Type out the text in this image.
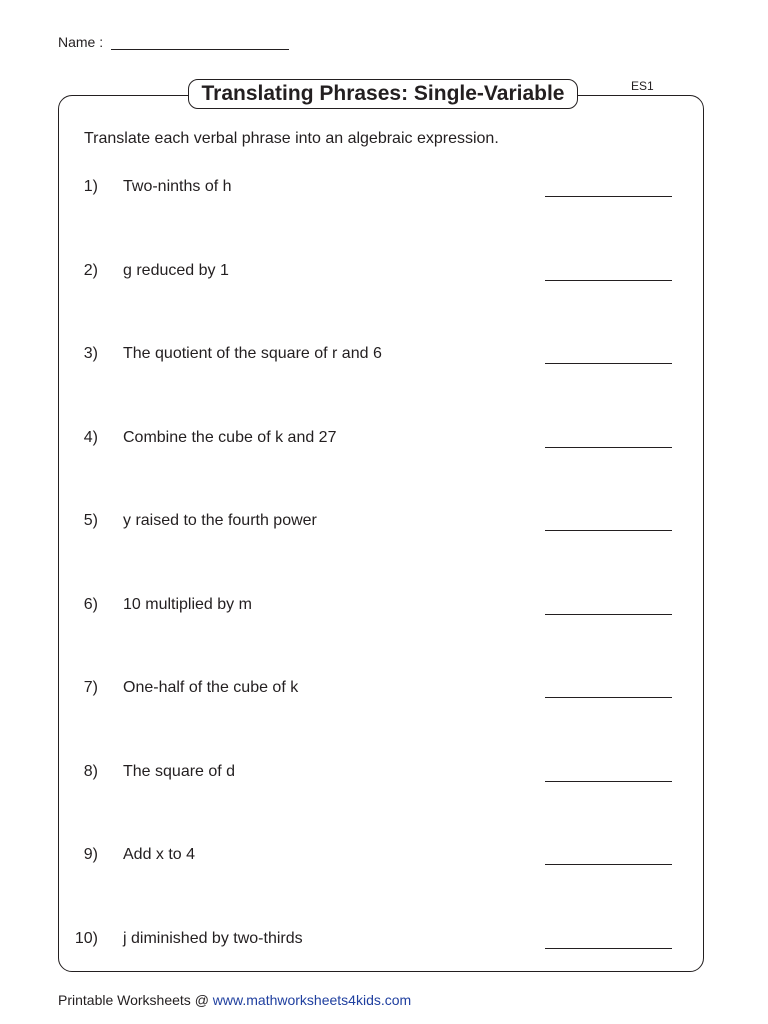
Name :
ES1
Translating Phrases: Single-Variable
Translate each verbal phrase into an algebraic expression.
1) Two-ninths of h
2) g reduced by 1
3) The quotient of the square of r and 6
4) Combine the cube of k and 27
5) y raised to the fourth power
6) 10 multiplied by m
7) One-half of the cube of k
8) The square of d
9) Add x to 4
10) j diminished by two-thirds
Printable Worksheets @ www.mathworksheets4kids.com
